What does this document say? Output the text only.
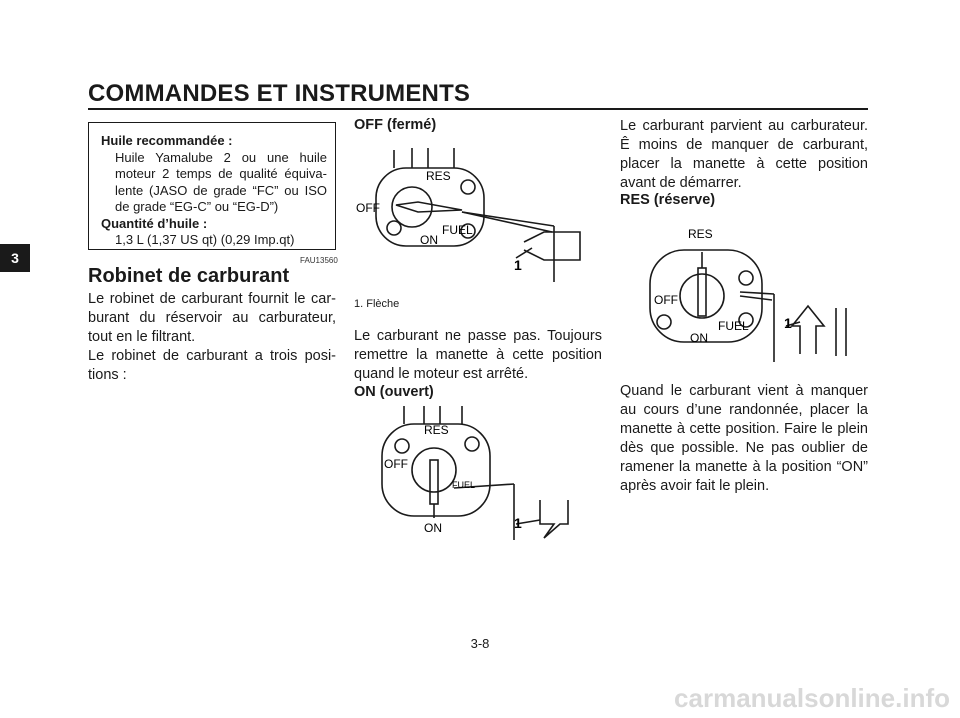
COMMANDES ET INSTRUMENTS
3
Huile recommandée :
Huile Yamalube 2 ou une huile moteur 2 temps de qualité équiva-lente (JASO de grade “FC” ou ISO de grade “EG-C” ou “EG-D”)
Quantité d’huile :
1,3 L (1,37 US qt) (0,29 Imp.qt)
FAU13560
Robinet de carburant
Le robinet de carburant fournit le car-burant du réservoir au carburateur, tout en le filtrant.
Le robinet de carburant a trois posi-tions :
OFF (fermé)
RES
OFF
FUEL
ON
1
1. Flèche
Le carburant ne passe pas. Toujours remettre la manette à cette position quand le moteur est arrêté.
ON (ouvert)
RES
OFF
FUEL
ON	1
Le carburant parvient au carburateur. Ê moins de manquer de carburant, placer la manette à cette position avant de démarrer.
RES (réserve)
RES
OFF
FUEL
ON
1
Quand le carburant vient à manquer au cours d’une randonnée, placer la manette à cette position. Faire le plein dès que possible. Ne pas oublier de ramener la manette à la position “ON” après avoir fait le plein.
3-8
carmanualsonline.info
